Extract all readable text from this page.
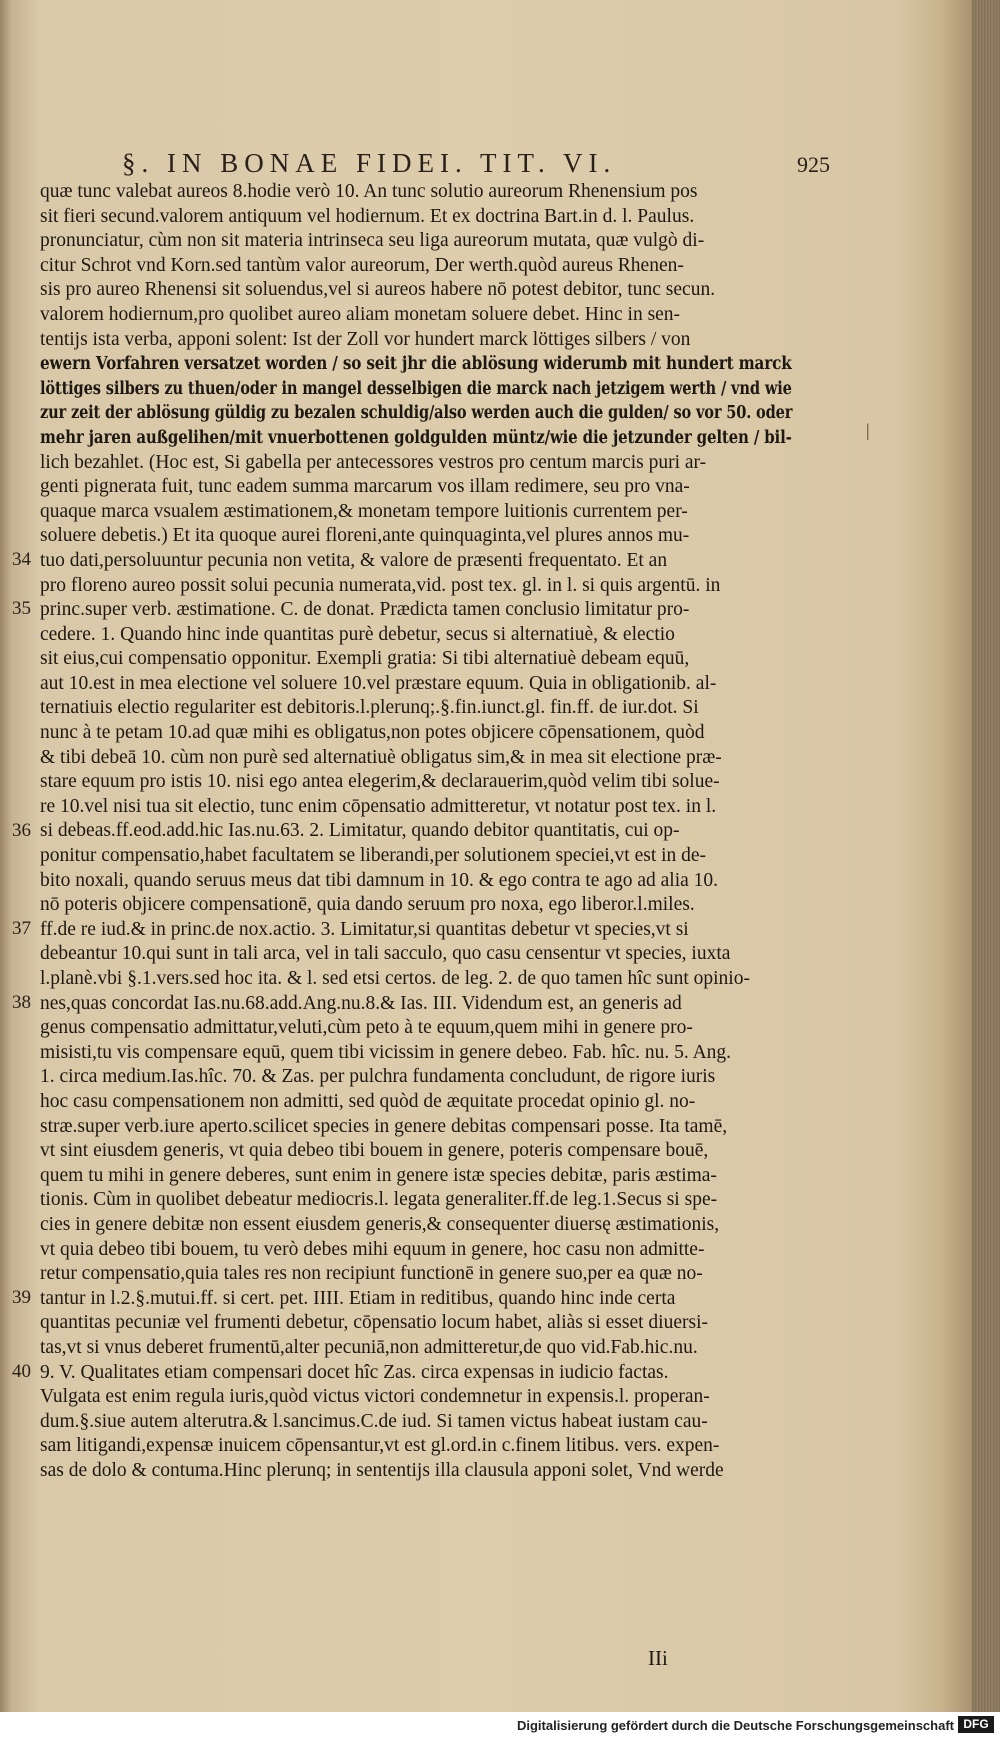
§. IN BONAE FIDEI. TIT. VI.	925
|
quæ tunc valebat aureos 8.hodie verò 10. An tunc solutio aureorum Rhenensium pos
sit fieri secund.valorem antiquum vel hodiernum. Et ex doctrina Bart.in d. l. Paulus.
pronunciatur, cùm non sit materia intrinseca seu liga aureorum mutata, quæ vulgò di-
citur Schrot vnd Korn.sed tantùm valor aureorum, Der werth.quòd aureus Rhenen-
sis pro aureo Rhenensi sit soluendus,vel si aureos habere nō potest debitor, tunc secun.
valorem hodiernum,pro quolibet aureo aliam monetam soluere debet. Hinc in sen-
tentijs ista verba, apponi solent: Ist der Zoll vor hundert marck löttiges silbers / von
ewern Vorfahren versatzet worden / so seit jhr die ablösung widerumb mit hundert marck
löttiges silbers zu thuen/oder in mangel desselbigen die marck nach jetzigem werth / vnd wie
zur zeit der ablösung güldig zu bezalen schuldig/also werden auch die gulden/ so vor 50. oder
mehr jaren außgelihen/mit vnuerbottenen goldgulden müntz/wie die jetzunder gelten / bil-
lich bezahlet. (Hoc est, Si gabella per antecessores vestros pro centum marcis puri ar-
genti pignerata fuit, tunc eadem summa marcarum vos illam redimere, seu pro vna-
quaque marca vsualem æstimationem,& monetam tempore luitionis currentem per-
soluere debetis.) Et ita quoque aurei floreni,ante quinquaginta,vel plures annos mu-
tuo dati,persoluuntur pecunia non vetita, & valore de præsenti frequentato. Et an
pro floreno aureo possit solui pecunia numerata,vid. post tex. gl. in l. si quis argentū. in
princ.super verb. æstimatione. C. de donat. Prædicta tamen conclusio limitatur pro-
cedere. 1. Quando hinc inde quantitas purè debetur, secus si alternatiuè, & electio
sit eius,cui compensatio opponitur. Exempli gratia: Si tibi alternatiuè debeam equū,
aut 10.est in mea electione vel soluere 10.vel præstare equum. Quia in obligationib. al-
ternatiuis electio regulariter est debitoris.l.plerunq;.§.fin.iunct.gl. fin.ff. de iur.dot. Si
nunc à te petam 10.ad quæ mihi es obligatus,non potes objicere cōpensationem, quòd
& tibi debeā 10. cùm non purè sed alternatiuè obligatus sim,& in mea sit electione præ-
stare equum pro istis 10. nisi ego antea elegerim,& declarauerim,quòd velim tibi solue-
re 10.vel nisi tua sit electio, tunc enim cōpensatio admitteretur, vt notatur post tex. in l.
si debeas.ff.eod.add.hic Ias.nu.63. 2. Limitatur, quando debitor quantitatis, cui op-
ponitur compensatio,habet facultatem se liberandi,per solutionem speciei,vt est in de-
bito noxali, quando seruus meus dat tibi damnum in 10. & ego contra te ago ad alia 10.
nō poteris objicere compensationē, quia dando seruum pro noxa, ego liberor.l.miles.
ff.de re iud.& in princ.de nox.actio. 3. Limitatur,si quantitas debetur vt species,vt si
debeantur 10.qui sunt in tali arca, vel in tali sacculo, quo casu censentur vt species, iuxta
l.planè.vbi §.1.vers.sed hoc ita. & l. sed etsi certos. de leg. 2. de quo tamen hîc sunt opinio-
nes,quas concordat Ias.nu.68.add.Ang.nu.8.& Ias. III. Videndum est, an generis ad
genus compensatio admittatur,veluti,cùm peto à te equum,quem mihi in genere pro-
misisti,tu vis compensare equū, quem tibi vicissim in genere debeo. Fab. hîc. nu. 5. Ang.
1. circa medium.Ias.hîc. 70. & Zas. per pulchra fundamenta concludunt, de rigore iuris
hoc casu compensationem non admitti, sed quòd de æquitate procedat opinio gl. no-
stræ.super verb.iure aperto.scilicet species in genere debitas compensari posse. Ita tamē,
vt sint eiusdem generis, vt quia debeo tibi bouem in genere, poteris compensare bouē,
quem tu mihi in genere deberes, sunt enim in genere istæ species debitæ, paris æstima-
tionis. Cùm in quolibet debeatur mediocris.l. legata generaliter.ff.de leg.1.Secus si spe-
cies in genere debitæ non essent eiusdem generis,& consequenter diuersę æstimationis,
vt quia debeo tibi bouem, tu verò debes mihi equum in genere, hoc casu non admitte-
retur compensatio,quia tales res non recipiunt functionē in genere suo,per ea quæ no-
tantur in l.2.§.mutui.ff. si cert. pet. IIII. Etiam in reditibus, quando hinc inde certa
quantitas pecuniæ vel frumenti debetur, cōpensatio locum habet, aliàs si esset diuersi-
tas,vt si vnus deberet frumentū,alter pecuniā,non admitteretur,de quo vid.Fab.hic.nu.
9. V. Qualitates etiam compensari docet hîc Zas. circa expensas in iudicio factas.
Vulgata est enim regula iuris,quòd victus victori condemnetur in expensis.l. properan-
dum.§.siue autem alterutra.& l.sancimus.C.de iud. Si tamen victus habeat iustam cau-
sam litigandi,expensæ inuicem cōpensantur,vt est gl.ord.in c.finem litibus. vers. expen-
sas de dolo & contuma.Hinc plerunq; in sententijs illa clausula apponi solet, Vnd werde
IIi
34
35
36
37
38
39
40
Digitalisierung gefördert durch die Deutsche Forschungsgemeinschaft DFG
